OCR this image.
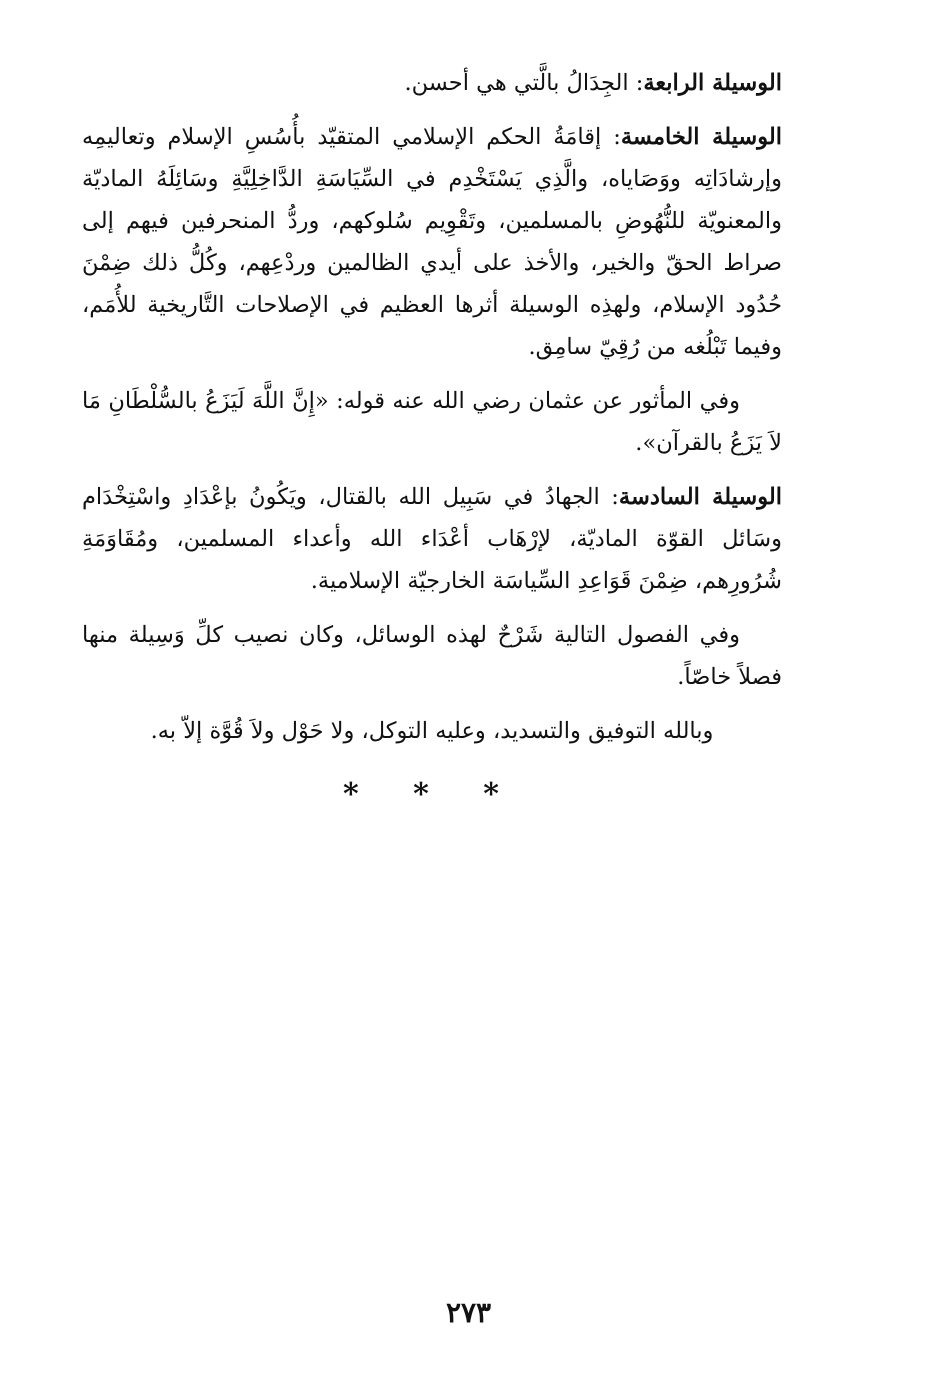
الوسيلة الرابعة: الجِدَالُ بالَّتي هي أحسن.

الوسيلة الخامسة: إقامَةُ الحكم الإسلامي المتقيّد بأُسُسِ الإسلام وتعاليمِه وإرشادَاتِه ووَصَاياه، والَّذِي يَسْتَخْدِم في السِّيَاسَةِ الدَّاخِلِيَّةِ وسَائِلَهُ الماديّة والمعنويّة للنُّهُوضِ بالمسلمين، وتَقْوِيم سُلوكهم، وردُّ المنحرفين فيهم إلى صراط الحقّ والخير، والأخذ على أيدي الظالمين وردْعِهم، وكُلُّ ذلك ضِمْنَ حُدُود الإسلام، ولهذِه الوسيلة أثرها العظيم في الإصلاحات التَّاريخية للأُمَم، وفيما تَبْلُغه من رُقِيّ سامِق.

وفي المأثور عن عثمان رضي الله عنه قوله: «إِنَّ اللَّهَ لَيَزَعُ بالسُّلْطَانِ مَا لاَ يَزَعُ بالقرآن».

الوسيلة السادسة: الجهادُ في سَبِيل الله بالقتال، ويَكُونُ بإعْدَادِ واسْتِخْدَام وسَائل القوّة الماديّة، لإرْهَاب أعْدَاء الله وأعداء المسلمين، ومُقَاوَمَةِ شُرُورِهم، ضِمْنَ قَوَاعِدِ السِّياسَة الخارجيّة الإسلامية.

وفي الفصول التالية شَرْحٌ لهذه الوسائل، وكان نصيب كلِّ وَسِيلة منها فصلاً خاصّاً.

وبالله التوفيق والتسديد، وعليه التوكل، ولا حَوْل ولاَ قُوَّة إلاّ به.

* * *
٢٧٣
